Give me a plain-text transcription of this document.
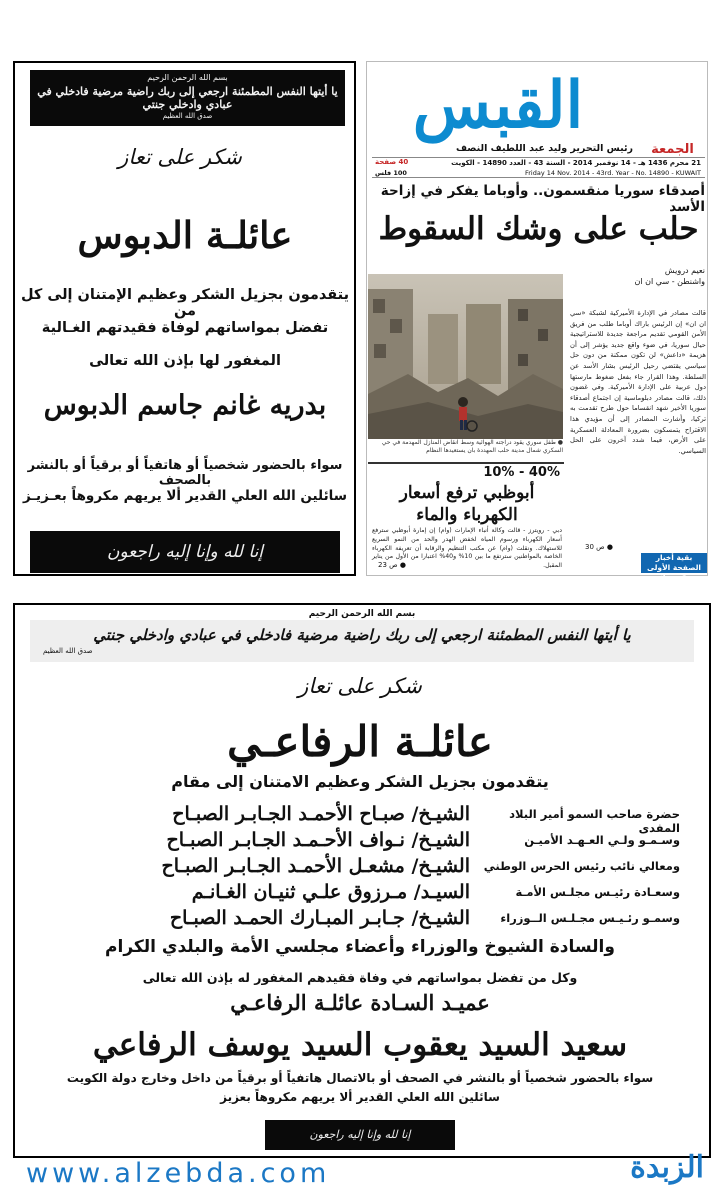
بسم الله الرحمن الرحيم
يا أيتها النفس المطمئنة ارجعي إلى ربك راضية مرضية فادخلي في عبادي وادخلي جنتي
صدق الله العظيم
شكر على تعاز
عائلـة الدبوس
يتقدمون بجزيل الشكر وعظيم الإمتنان إلى كل من
تفضل بمواساتهم لوفاة فقيدتهم الغـالية
المغفور لها بإذن الله تعالى
بدريه غانم جاسم الدبوس
سواء بالحضور شخصياً أو هاتفياً أو برقياً أو بالنشر بالصحف
سائلين الله العلي القدير ألا يريهم مكروهاً بعـزيـز
إنا لله وإنا إليه راجعون
القبس
الجمعة
رئيس التحرير وليد عبد اللطيف النصف
21 محرم 1436 هـ - 14 نوفمبر 2014 - السنة 43 - العدد 14890 - الكويت
40 صفحة
Friday 14 Nov. 2014 - 43rd. Year - No. 14890 - KUWAIT
100 فلس
أصدقاء سوريا منقسمون.. وأوباما يفكر في إزاحة الأسد
حلب على وشك السقوط
نعيم درويش
واشنطن - سي ان ان
● طفل سوري يقود دراجته الهوائية وسط انقاض المنازل المهدمة في حي السكري شمال مدينة حلب المهددة بان يستعيدها النظام
قالت مصادر في الإدارة الأميركية لشبكة «سي ان ان» إن الرئيس باراك أوباما طلب من فريق الأمن القومي تقديم مراجعة جديدة للاستراتيجية حيال سوريا، في ضوء واقع جديد يؤشر إلى أن هزيمة «داعش» لن تكون ممكنة من دون حل سياسي يقتضي رحيل الرئيس بشار الأسد عن السلطة. وهذا القرار جاء بفعل ضغوط مارستها دول عربية على الإدارة الأميركية. وفي غضون ذلك، قالت مصادر دبلوماسية إن اجتماع أصدقاء سوريا الأخير شهد انقساما حول طرح تقدمت به تركيا، وأشارت المصادر إلى أن مؤيدي هذا الاقتراح يتمسكون بضرورة المعادلة العسكرية على الأرض، فيما شدد آخرون على الحل السياسي.
● ص 30
10% - 40%
أبوظبي ترفع أسعار الكهرباء والماء
دبي - رويترز - قالت وكالة أنباء الإمارات (وام) إن إمارة أبوظبي سترفع أسعار الكهرباء ورسوم المياه لخفض الهدر والحد من النمو السريع للاستهلاك. ونقلت (وام) عن مكتب التنظيم والرقابة أن تعريفة الكهرباء الخاصة بالمواطنين سترتفع ما بين 10% و40% اعتبارا من الأول من يناير المقبل.
● ص 23
بقية أخبار الصفحة الأولى
● ص 3
بسم الله الرحمن الرحيم
يا أيتها النفس المطمئنة ارجعي إلى ربك راضية مرضية فادخلي في عبادي وادخلي جنتي
صدق الله العظيم
شكر على تعاز
عائلـة الرفاعـي
يتقدمون بجزيل الشكر وعظيم الامتنان إلى مقام
حضرة صاحب السمو أمير البلاد المفدى
الشيـخ/ صبـاح الأحمـد الجـابـر الصبـاح
وسـمـو ولـي العـهـد الأميـن
الشيـخ/ نـواف الأحـمـد الجـابـر الصبـاح
ومعالي نائب رئيس الحرس الوطني
الشيـخ/ مشعـل الأحمـد الجـابـر الصبـاح
وسعـادة رئيـس مجلـس الأمـة
السيـد/ مـرزوق علـي ثنيـان الغـانـم
وسمـو رئـيـس مجـلـس الــوزراء
الشيـخ/ جـابـر المبـارك الحمـد الصبـاح
والسادة الشيوخ والوزراء وأعضاء مجلسي الأمة والبلدي الكرام
وكل من تفضل بمواساتهم في وفاة فقيدهم المغفور له بإذن الله تعالى
عميـد السـادة عائلـة الرفاعـي
سعيد السيد يعقوب السيد يوسف الرفاعي
سواء بالحضور شخصياً أو بالنشر في الصحف أو بالاتصال هاتفياً أو برقياً من داخل وخارج دولة الكويت
سائلين الله العلي القدير ألا يريهم مكروهاً بعزيز
إنا لله وإنا إليه راجعون
www.alzebda.com	الزبدة
